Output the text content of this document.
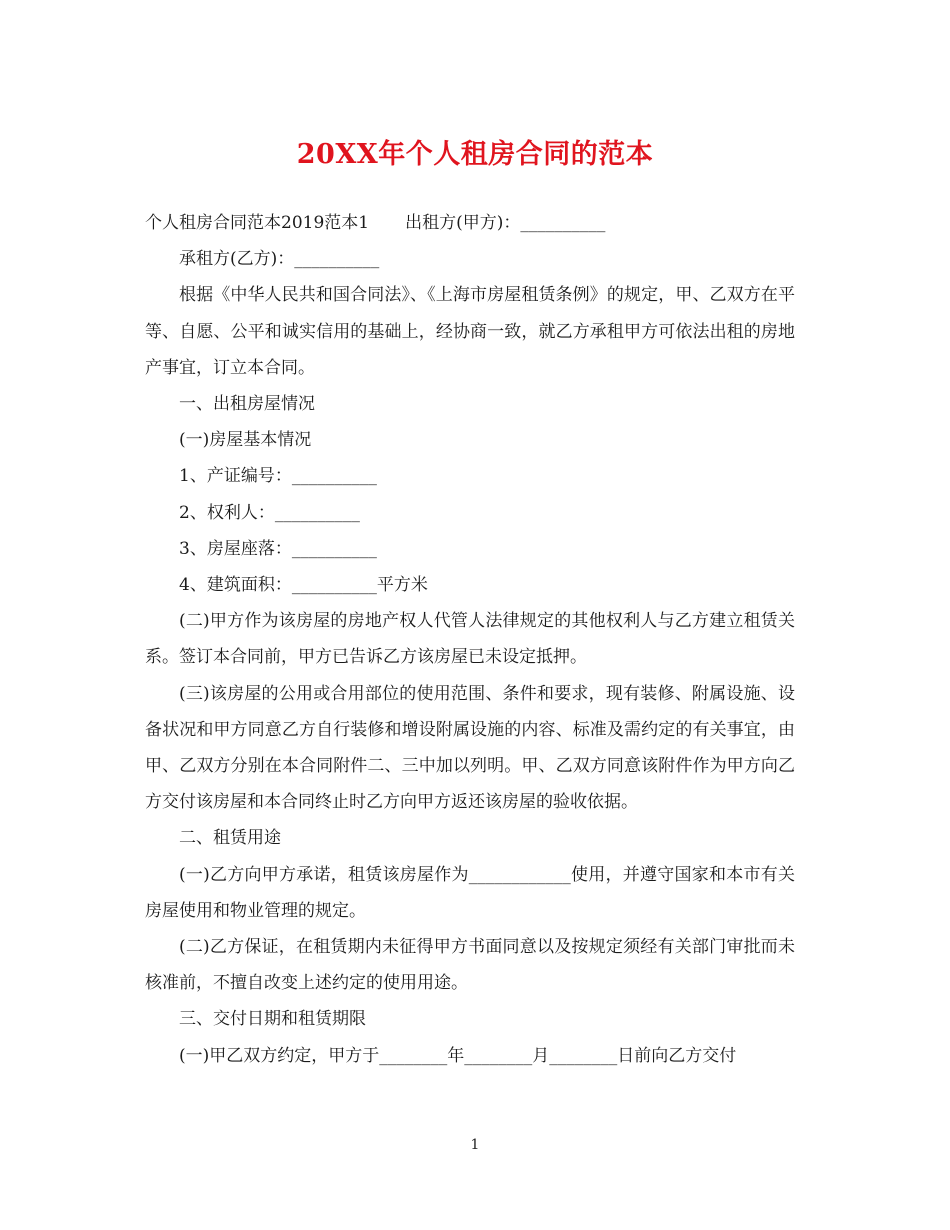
20XX年个人租房合同的范本

个人租房合同范本2019范本1 出租方(甲方)：__________

承租方(乙方)：__________

根据《中华人民共和国合同法》、《上海市房屋租赁条例》的规定，甲、乙双方在平等、自愿、公平和诚实信用的基础上，经协商一致，就乙方承租甲方可依法出租的房地产事宜，订立本合同。

一、出租房屋情况

(一)房屋基本情况

1、产证编号：__________

2、权利人：__________

3、房屋座落：__________

4、建筑面积：__________平方米

(二)甲方作为该房屋的房地产权人代管人法律规定的其他权利人与乙方建立租赁关系。签订本合同前，甲方已告诉乙方该房屋已未设定抵押。

(三)该房屋的公用或合用部位的使用范围、条件和要求，现有装修、附属设施、设备状况和甲方同意乙方自行装修和增设附属设施的内容、标准及需约定的有关事宜，由甲、乙双方分别在本合同附件二、三中加以列明。甲、乙双方同意该附件作为甲方向乙方交付该房屋和本合同终止时乙方向甲方返还该房屋的验收依据。

二、租赁用途

(一)乙方向甲方承诺，租赁该房屋作为____________使用，并遵守国家和本市有关房屋使用和物业管理的规定。

(二)乙方保证，在租赁期内未征得甲方书面同意以及按规定须经有关部门审批而未核准前，不擅自改变上述约定的使用用途。

三、交付日期和租赁期限

(一)甲乙双方约定，甲方于________年________月________日前向乙方交付

1
